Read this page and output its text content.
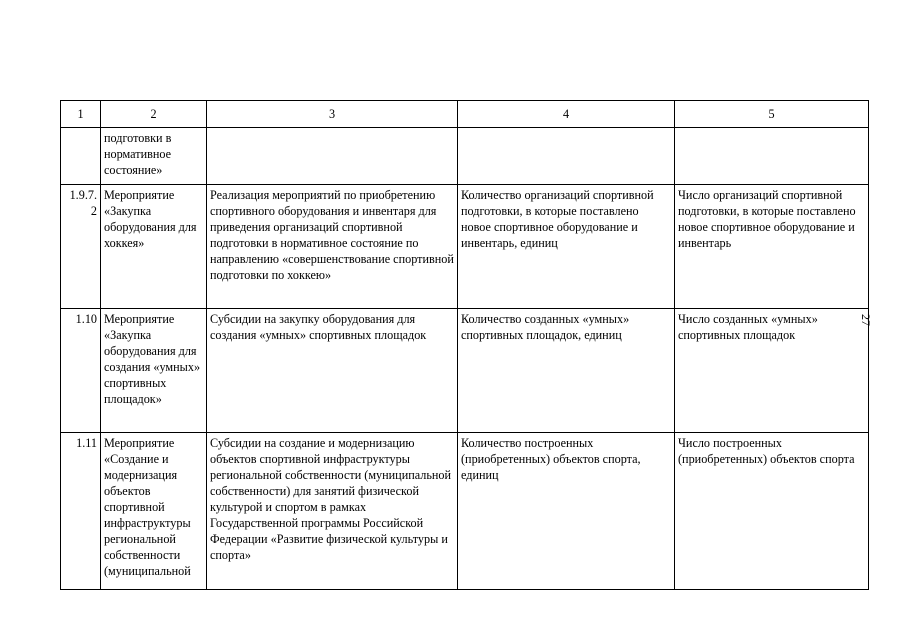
1	2	3	4	5
	подготовки в нормативное состояние»			
1.9.7.2	Мероприятие «Закупка оборудования для хоккея»	Реализация мероприятий по приобретению спортивного оборудования и инвентаря для приведения организаций спортивной подготовки в нормативное состояние по направлению «совершенствование спортивной подготовки по хоккею»	Количество организаций спортивной подготовки, в которые поставлено новое спортивное оборудование и инвентарь, единиц	Число организаций спортивной подготовки, в которые поставлено новое спортивное оборудование и инвентарь
1.10	Мероприятие «Закупка оборудования для создания «умных» спортивных площадок»	Субсидии на закупку оборудования для создания «умных» спортивных площадок	Количество созданных «умных» спортивных площадок, единиц	Число созданных «умных» спортивных площадок
1.11	Мероприятие «Создание и модернизация объектов спортивной инфраструктуры региональной собственности (муниципальной	Субсидии на создание и модернизацию объектов спортивной инфраструктуры региональной собственности (муниципальной собственности) для занятий физической культурой и спортом в рамках Государственной программы Российской Федерации «Развитие физической культуры и спорта»	Количество построенных (приобретенных) объектов спорта, единиц	Число построенных (приобретенных) объектов спорта
27
